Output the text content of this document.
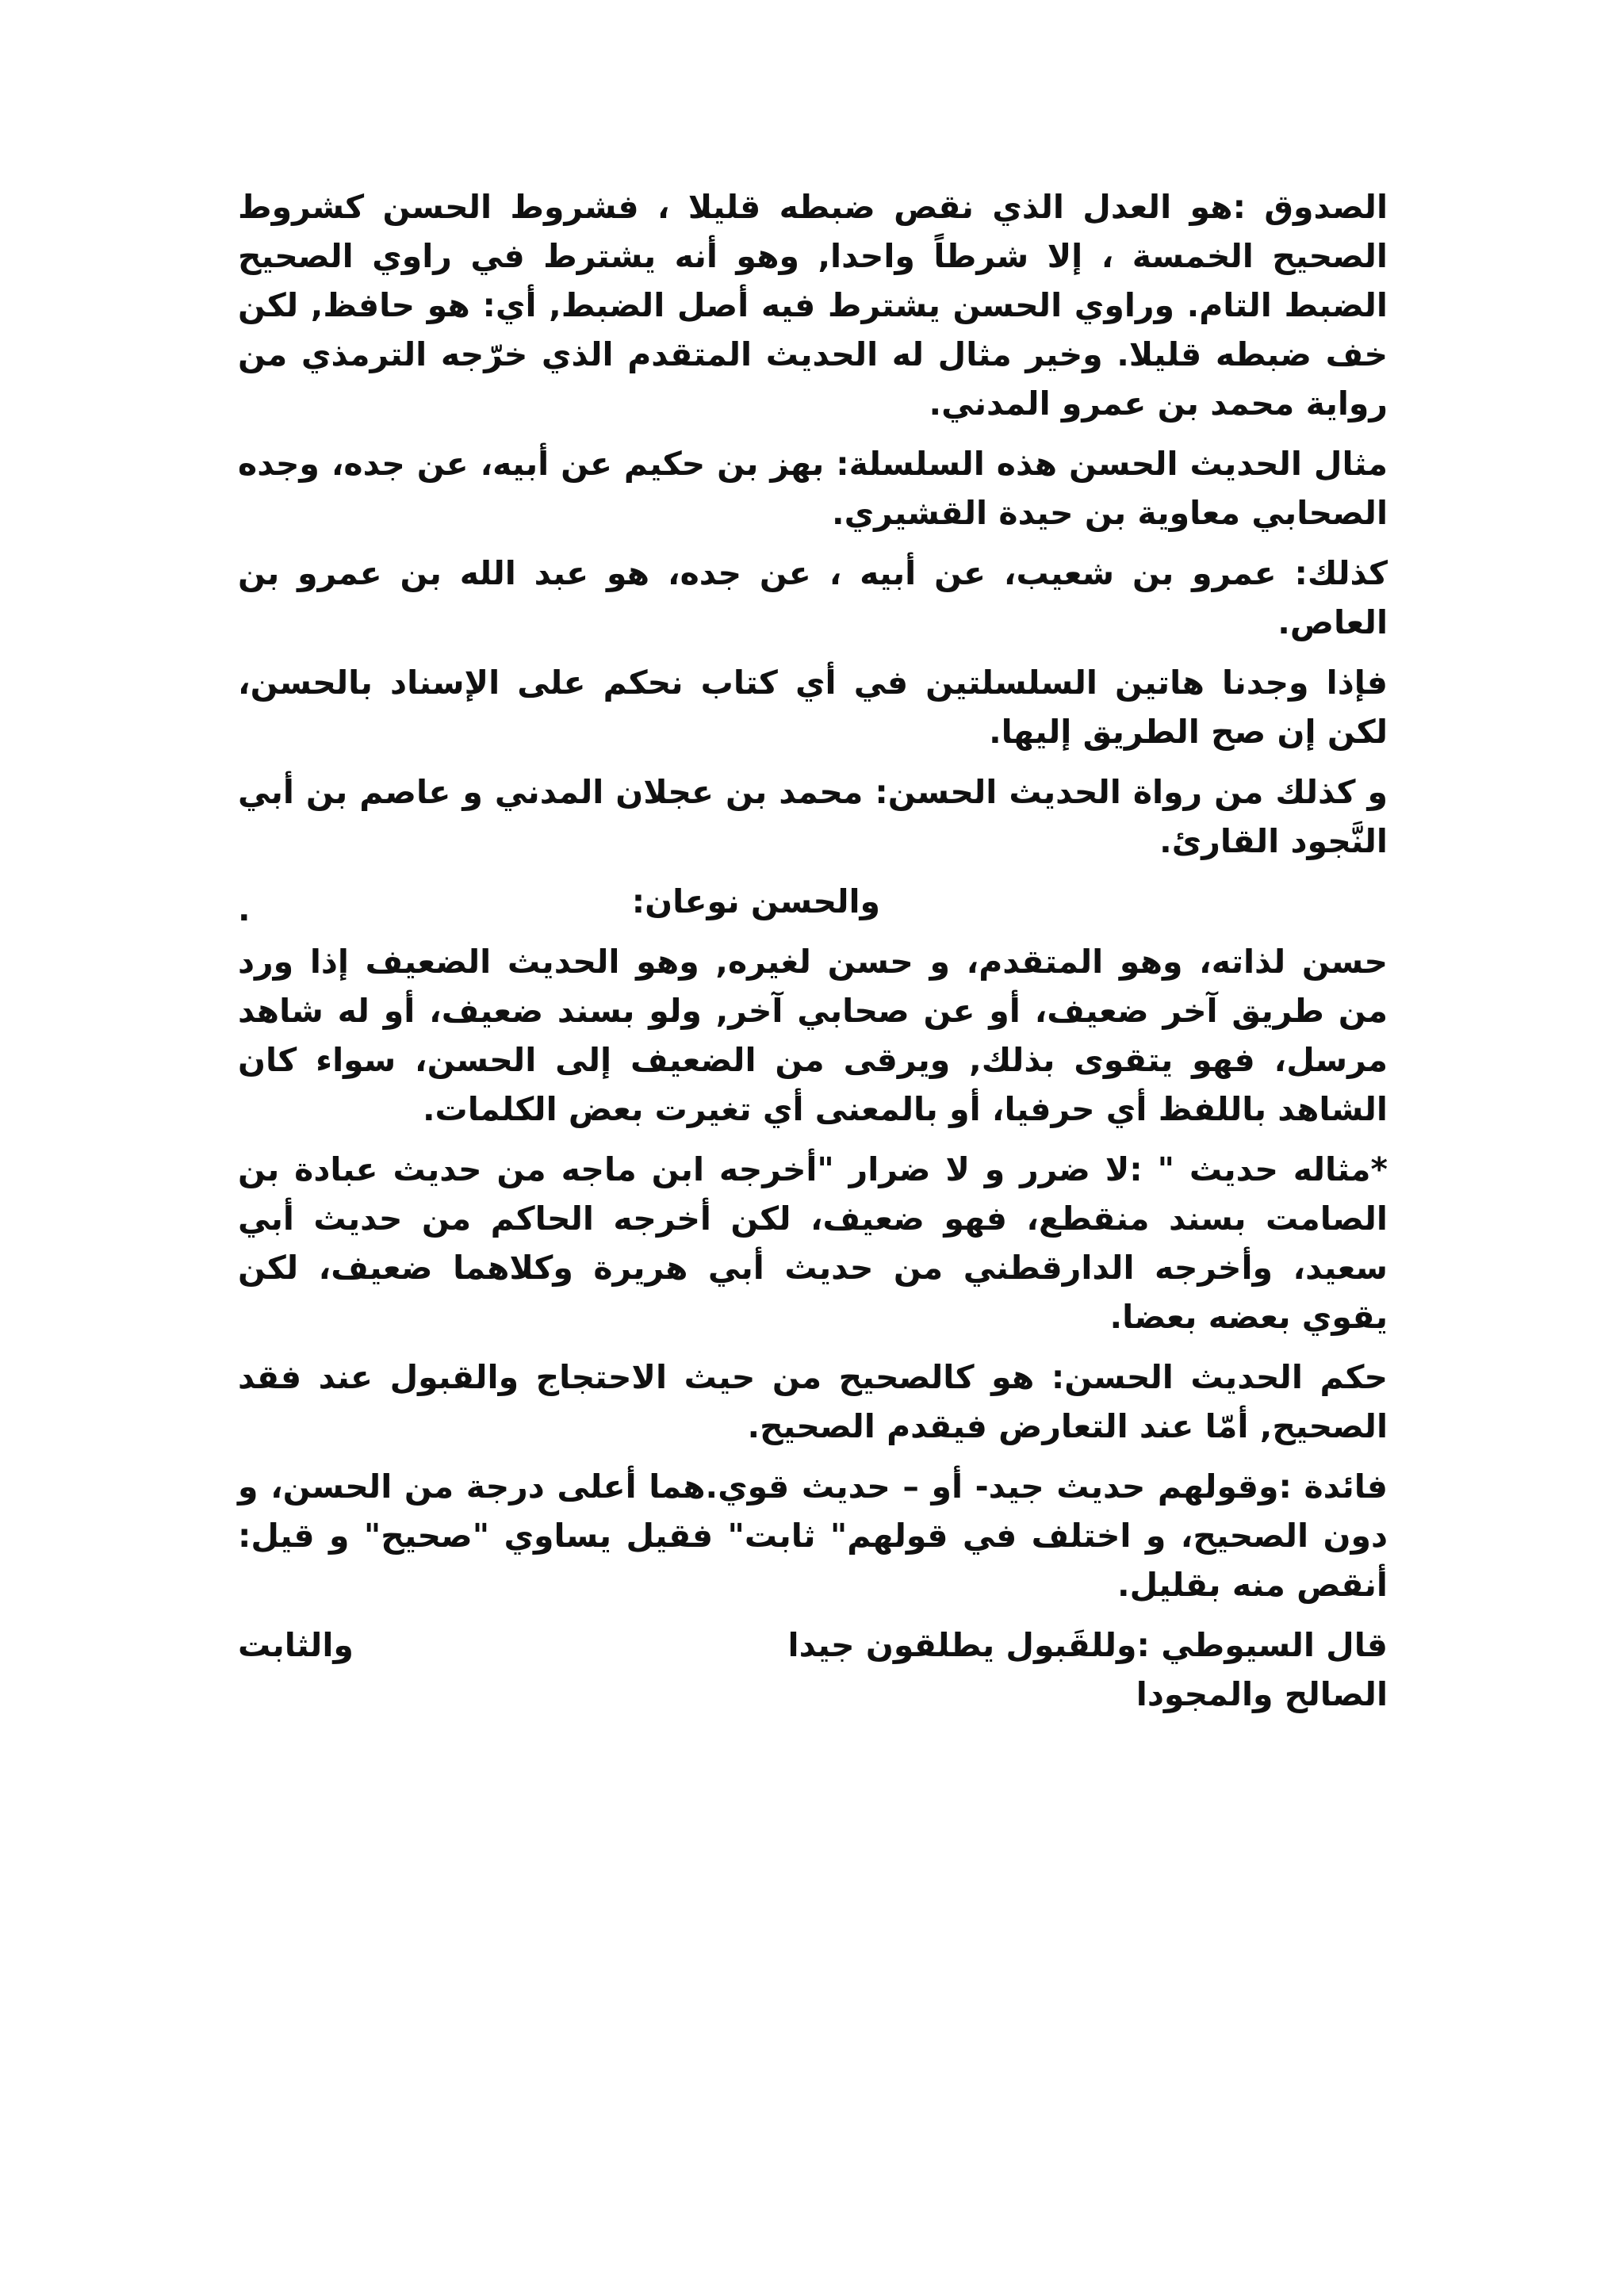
الصدوق :هو العدل الذي نقص ضبطه قليلا ، فشروط الحسن كشروط الصحيح الخمسة ، إلا شرطاً واحدا, وهو أنه يشترط في راوي الصحيح الضبط التام. وراوي الحسن يشترط فيه أصل الضبط, أي: هو حافظ, لكن خف ضبطه قليلا. وخير مثال له الحديث المتقدم الذي خرّجه الترمذي من رواية محمد بن عمرو المدني.

مثال الحديث الحسن هذه السلسلة: بهز بن حكيم عن أبيه، عن جده، وجده الصحابي معاوية بن حيدة القشيري.

كذلك: عمرو بن شعيب، عن أبيه ، عن جده، هو عبد الله بن عمرو بن العاص.

فإذا وجدنا هاتين السلسلتين في أي كتاب نحكم على الإسناد بالحسن، لكن إن صح الطريق إليها.

و كذلك من رواة الحديث الحسن: محمد بن عجلان المدني و عاصم بن أبي النَّجود القارئ.

والحسن نوعان:
.

حسن لذاته، وهو المتقدم، و حسن لغيره, وهو الحديث الضعيف إذا ورد من طريق آخر ضعيف، أو عن صحابي آخر, ولو بسند ضعيف، أو له شاهد مرسل، فهو يتقوى بذلك, ويرقى من الضعيف إلى الحسن، سواء كان الشاهد باللفظ أي حرفيا، أو بالمعنى أي تغيرت بعض الكلمات.

*مثاله حديث " :لا ضرر و لا ضرار "أخرجه ابن ماجه من حديث عبادة بن الصامت بسند منقطع، فهو ضعيف، لكن أخرجه الحاكم من حديث أبي سعيد، وأخرجه الدارقطني من حديث أبي هريرة وكلاهما ضعيف، لكن يقوي بعضه بعضا.

حكم الحديث الحسن: هو كالصحيح من حيث الاحتجاج والقبول عند فقد الصحيح, أمّا عند التعارض فيقدم الصحيح.

فائدة :وقولهم حديث جيد- أو – حديث قوي.هما أعلى درجة من الحسن، و دون الصحيح، و اختلف في قولهم" ثابت" فقيل يساوي "صحيح" و قيل: أنقص منه بقليل.

قال السيوطي :وللقَبول يطلقون جيدا
والثابت
الصالح والمجودا
